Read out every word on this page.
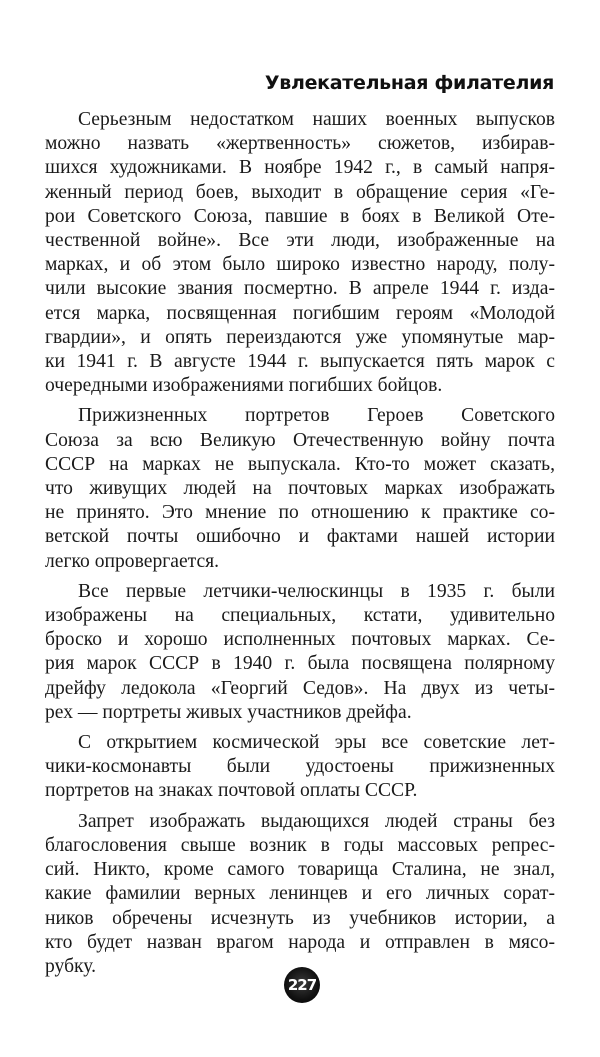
Увлекательная филателия

Серьезным недостатком наших военных выпусков
можно назвать «жертвенность» сюжетов, избирав-
шихся художниками. В ноябре 1942 г., в самый напря-
женный период боев, выходит в обращение серия «Ге-
рои Советского Союза, павшие в боях в Великой Оте-
чественной войне». Все эти люди, изображенные на
марках, и об этом было широко известно народу, полу-
чили высокие звания посмертно. В апреле 1944 г. изда-
ется марка, посвященная погибшим героям «Молодой
гвардии», и опять переиздаются уже упомянутые мар-
ки 1941 г. В августе 1944 г. выпускается пять марок с
очередными изображениями погибших бойцов.

Прижизненных портретов Героев Советского
Союза за всю Великую Отечественную войну почта
СССР на марках не выпускала. Кто-то может сказать,
что живущих людей на почтовых марках изображать
не принято. Это мнение по отношению к практике со-
ветской почты ошибочно и фактами нашей истории
легко опровергается.

Все первые летчики-челюскинцы в 1935 г. были
изображены на специальных, кстати, удивительно
броско и хорошо исполненных почтовых марках. Се-
рия марок СССР в 1940 г. была посвящена полярному
дрейфу ледокола «Георгий Седов». На двух из четы-
рех — портреты живых участников дрейфа.

С открытием космической эры все советские лет-
чики-космонавты были удостоены прижизненных
портретов на знаках почтовой оплаты СССР.

Запрет изображать выдающихся людей страны без
благословения свыше возник в годы массовых репрес-
сий. Никто, кроме самого товарища Сталина, не знал,
какие фамилии верных ленинцев и его личных сорат-
ников обречены исчезнуть из учебников истории, а
кто будет назван врагом народа и отправлен в мясо-
рубку.

227
